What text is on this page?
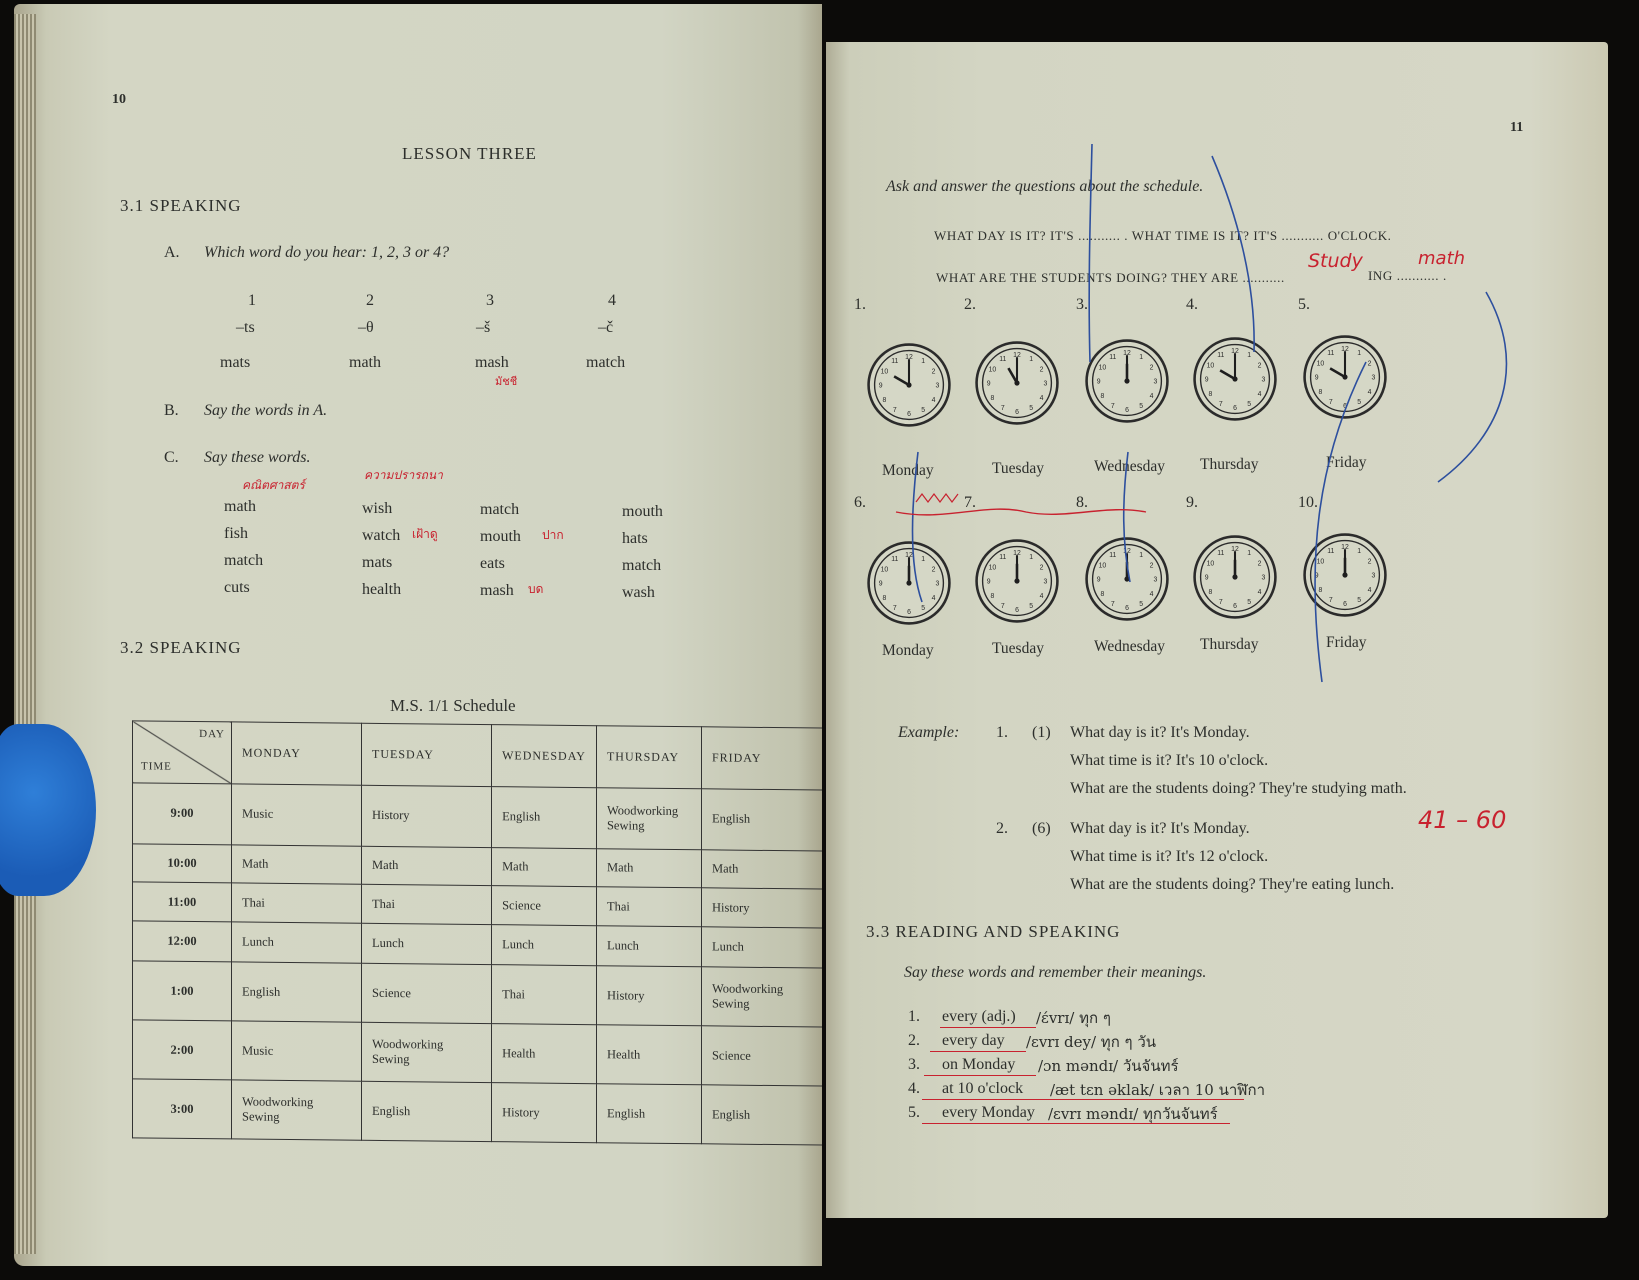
10
LESSON THREE
3.1 SPEAKING
A. Which word do you hear: 1, 2, 3 or 4?
1	2	3	4
–ts	–θ	–š	–č
mats	math	mash	match
มัชชี
B. Say the words in A.
C. Say these words.
คณิตศาสตร์
ความปรารถนา
math	wish	match	mouth
fish	watch เฝ้าดู	mouth ปาก	hats
match	mats	eats	match
cuts	health	mash บด	wash
3.2 SPEAKING
M.S. 1/1 Schedule
DAY
TIME	MONDAY	TUESDAY	WEDNESDAY	THURSDAY	FRIDAY
9:00	Music	History	English	Woodworking Sewing	English
10:00	Math	Math	Math	Math	Math
11:00	Thai	Thai	Science	Thai	History
12:00	Lunch	Lunch	Lunch	Lunch	Lunch
1:00	English	Science	Thai	History	Woodworking Sewing
2:00	Music	Woodworking Sewing	Health	Health	Science
3:00	Woodworking Sewing	English	History	English	English
11
Ask and answer the questions about the schedule.
WHAT DAY IS IT? IT'S ........... . WHAT TIME IS IT? IT'S ........... O'CLOCK.
WHAT ARE THE STUDENTS DOING? THEY ARE ...........	ING ........... .
Study	math
1.
1
2
3
4
5
6
7
8
9
10
11
12
Monday
2.
1
2
3
4
5
6
7
8
9
10
11
12
Tuesday
3.
1
2
3
4
5
6
7
8
9
10
11
12
Wednesday
4.
1
2
3
4
5
6
7
8
9
10
11
12
Thursday
5.
1
2
3
4
5
6
7
8
9
10
11
12
Friday
6.
1
2
3
4
5
6
7
8
9
10
11
12
Monday
7.
1
2
3
4
5
6
7
8
9
10
11
12
Tuesday
8.
1
2
3
4
5
6
7
8
9
10
11
12
Wednesday
9.
1
2
3
4
5
6
7
8
9
10
11
12
Thursday
10.
1
2
3
4
5
6
7
8
9
10
11
12
Friday
Example: 1. (1) What day is it? It's Monday.
What time is it? It's 10 o'clock.
What are the students doing? They're studying math.
2. (6) What day is it? It's Monday.
What time is it? It's 12 o'clock.
What are the students doing? They're eating lunch.
41 – 60
3.3 READING AND SPEAKING
Say these words and remember their meanings.
1. every (adj.) /ɛ́vrɪ/ ทุก ๆ
2. every day /ɛvrɪ dey/ ทุก ๆ วัน
3. on Monday /ɔn məndɪ/ วันจันทร์
4. at 10 o'clock /æt tɛn əklak/ เวลา 10 นาฬิกา
5. every Monday /ɛvrɪ məndɪ/ ทุกวันจันทร์
